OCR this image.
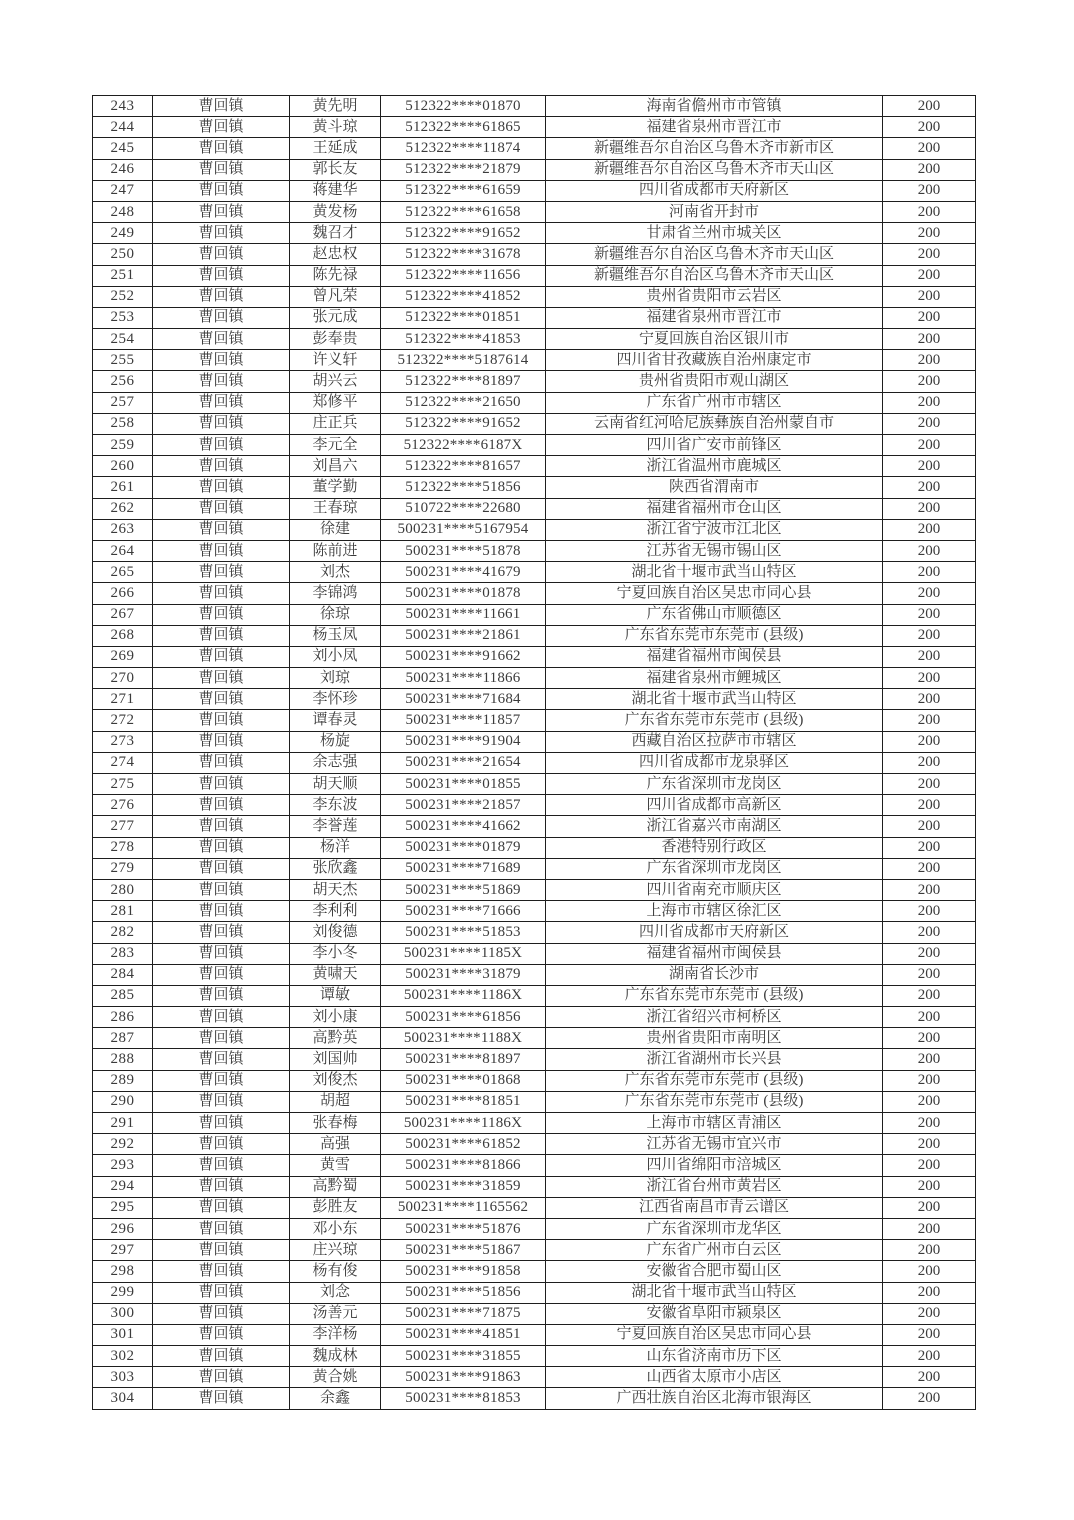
243	曹回镇	黄先明	512322****01870	海南省儋州市市管镇	200
244	曹回镇	黄斗琼	512322****61865	福建省泉州市晋江市	200
245	曹回镇	王延成	512322****11874	新疆维吾尔自治区乌鲁木齐市新市区	200
246	曹回镇	郭长友	512322****21879	新疆维吾尔自治区乌鲁木齐市天山区	200
247	曹回镇	蒋建华	512322****61659	四川省成都市天府新区	200
248	曹回镇	黄发杨	512322****61658	河南省开封市	200
249	曹回镇	魏召才	512322****91652	甘肃省兰州市城关区	200
250	曹回镇	赵忠权	512322****31678	新疆维吾尔自治区乌鲁木齐市天山区	200
251	曹回镇	陈先禄	512322****11656	新疆维吾尔自治区乌鲁木齐市天山区	200
252	曹回镇	曾凡荣	512322****41852	贵州省贵阳市云岩区	200
253	曹回镇	张元成	512322****01851	福建省泉州市晋江市	200
254	曹回镇	彭奉贵	512322****41853	宁夏回族自治区银川市	200
255	曹回镇	许义轩	512322****5187614	四川省甘孜藏族自治州康定市	200
256	曹回镇	胡兴云	512322****81897	贵州省贵阳市观山湖区	200
257	曹回镇	郑修平	512322****21650	广东省广州市市辖区	200
258	曹回镇	庄正兵	512322****91652	云南省红河哈尼族彝族自治州蒙自市	200
259	曹回镇	李元全	512322****6187X	四川省广安市前锋区	200
260	曹回镇	刘昌六	512322****81657	浙江省温州市鹿城区	200
261	曹回镇	董学勤	512322****51856	陕西省渭南市	200
262	曹回镇	王春琼	510722****22680	福建省福州市仓山区	200
263	曹回镇	徐建	500231****5167954	浙江省宁波市江北区	200
264	曹回镇	陈前进	500231****51878	江苏省无锡市锡山区	200
265	曹回镇	刘杰	500231****41679	湖北省十堰市武当山特区	200
266	曹回镇	李锦鸿	500231****01878	宁夏回族自治区吴忠市同心县	200
267	曹回镇	徐琼	500231****11661	广东省佛山市顺德区	200
268	曹回镇	杨玉凤	500231****21861	广东省东莞市东莞市 (县级)	200
269	曹回镇	刘小凤	500231****91662	福建省福州市闽侯县	200
270	曹回镇	刘琼	500231****11866	福建省泉州市鲤城区	200
271	曹回镇	李怀珍	500231****71684	湖北省十堰市武当山特区	200
272	曹回镇	谭春灵	500231****11857	广东省东莞市东莞市 (县级)	200
273	曹回镇	杨旋	500231****91904	西藏自治区拉萨市市辖区	200
274	曹回镇	余志强	500231****21654	四川省成都市龙泉驿区	200
275	曹回镇	胡天顺	500231****01855	广东省深圳市龙岗区	200
276	曹回镇	李东波	500231****21857	四川省成都市高新区	200
277	曹回镇	李誉莲	500231****41662	浙江省嘉兴市南湖区	200
278	曹回镇	杨洋	500231****01879	香港特别行政区	200
279	曹回镇	张欣鑫	500231****71689	广东省深圳市龙岗区	200
280	曹回镇	胡天杰	500231****51869	四川省南充市顺庆区	200
281	曹回镇	李利利	500231****71666	上海市市辖区徐汇区	200
282	曹回镇	刘俊德	500231****51853	四川省成都市天府新区	200
283	曹回镇	李小冬	500231****1185X	福建省福州市闽侯县	200
284	曹回镇	黄啸天	500231****31879	湖南省长沙市	200
285	曹回镇	谭敏	500231****1186X	广东省东莞市东莞市 (县级)	200
286	曹回镇	刘小康	500231****61856	浙江省绍兴市柯桥区	200
287	曹回镇	高黔英	500231****1188X	贵州省贵阳市南明区	200
288	曹回镇	刘国帅	500231****81897	浙江省湖州市长兴县	200
289	曹回镇	刘俊杰	500231****01868	广东省东莞市东莞市 (县级)	200
290	曹回镇	胡超	500231****81851	广东省东莞市东莞市 (县级)	200
291	曹回镇	张春梅	500231****1186X	上海市市辖区青浦区	200
292	曹回镇	高强	500231****61852	江苏省无锡市宜兴市	200
293	曹回镇	黄雪	500231****81866	四川省绵阳市涪城区	200
294	曹回镇	高黔蜀	500231****31859	浙江省台州市黄岩区	200
295	曹回镇	彭胜友	500231****1165562	江西省南昌市青云谱区	200
296	曹回镇	邓小东	500231****51876	广东省深圳市龙华区	200
297	曹回镇	庄兴琼	500231****51867	广东省广州市白云区	200
298	曹回镇	杨有俊	500231****91858	安徽省合肥市蜀山区	200
299	曹回镇	刘念	500231****51856	湖北省十堰市武当山特区	200
300	曹回镇	汤善元	500231****71875	安徽省阜阳市颍泉区	200
301	曹回镇	李洋杨	500231****41851	宁夏回族自治区吴忠市同心县	200
302	曹回镇	魏成林	500231****31855	山东省济南市历下区	200
303	曹回镇	黄合姚	500231****91863	山西省太原市小店区	200
304	曹回镇	余鑫	500231****81853	广西壮族自治区北海市银海区	200
